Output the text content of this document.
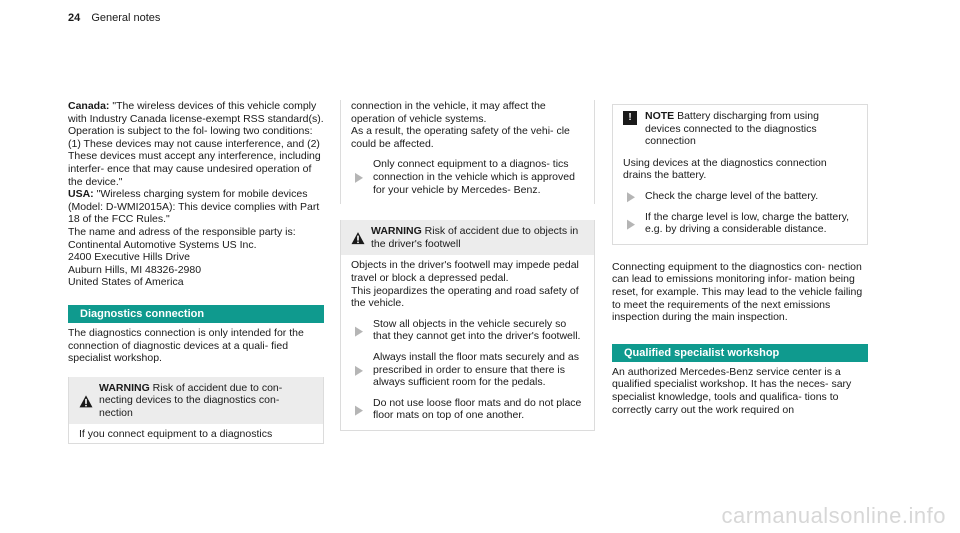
24 General notes

Canada: "The wireless devices of this vehicle comply with Industry Canada license-exempt RSS standard(s). Operation is subject to the fol- lowing two conditions: (1) These devices may not cause interference, and (2) These devices must accept any interference, including interfer- ence that may cause undesired operation of the device."

USA: "Wireless charging system for mobile devices (Model: D-WMI2015A): This device complies with Part 18 of the FCC Rules."

The name and adress of the responsible party is:

Continental Automotive Systems US Inc.

2400 Executive Hills Drive

Auburn Hills, MI 48326-2980

United States of America

Diagnostics connection

The diagnostics connection is only intended for the connection of diagnostic devices at a quali- fied specialist workshop.

WARNING Risk of accident due to con- necting devices to the diagnostics con- nection
If you connect equipment to a diagnostics

connection in the vehicle, it may affect the operation of vehicle systems.

As a result, the operating safety of the vehi- cle could be affected.

Only connect equipment to a diagnos- tics connection in the vehicle which is approved for your vehicle by Mercedes- Benz.
WARNING Risk of accident due to objects in the driver's footwell

Objects in the driver's footwell may impede pedal travel or block a depressed pedal.

This jeopardizes the operating and road safety of the vehicle.

Stow all objects in the vehicle securely so that they cannot get into the driver's footwell.
Always install the floor mats securely and as prescribed in order to ensure that there is always sufficient room for the pedals.
Do not use loose floor mats and do not place floor mats on top of one another.
!	NOTE Battery discharging from using devices connected to the diagnostics connection

Using devices at the diagnostics connection drains the battery.

Check the charge level of the battery.
If the charge level is low, charge the battery, e.g. by driving a considerable distance.

Connecting equipment to the diagnostics con- nection can lead to emissions monitoring infor- mation being reset, for example. This may lead to the vehicle failing to meet the requirements of the next emissions inspection during the main inspection.

Qualified specialist workshop

An authorized Mercedes-Benz service center is a qualified specialist workshop. It has the neces- sary specialist knowledge, tools and qualifica- tions to correctly carry out the work required on

carmanualsonline.info
